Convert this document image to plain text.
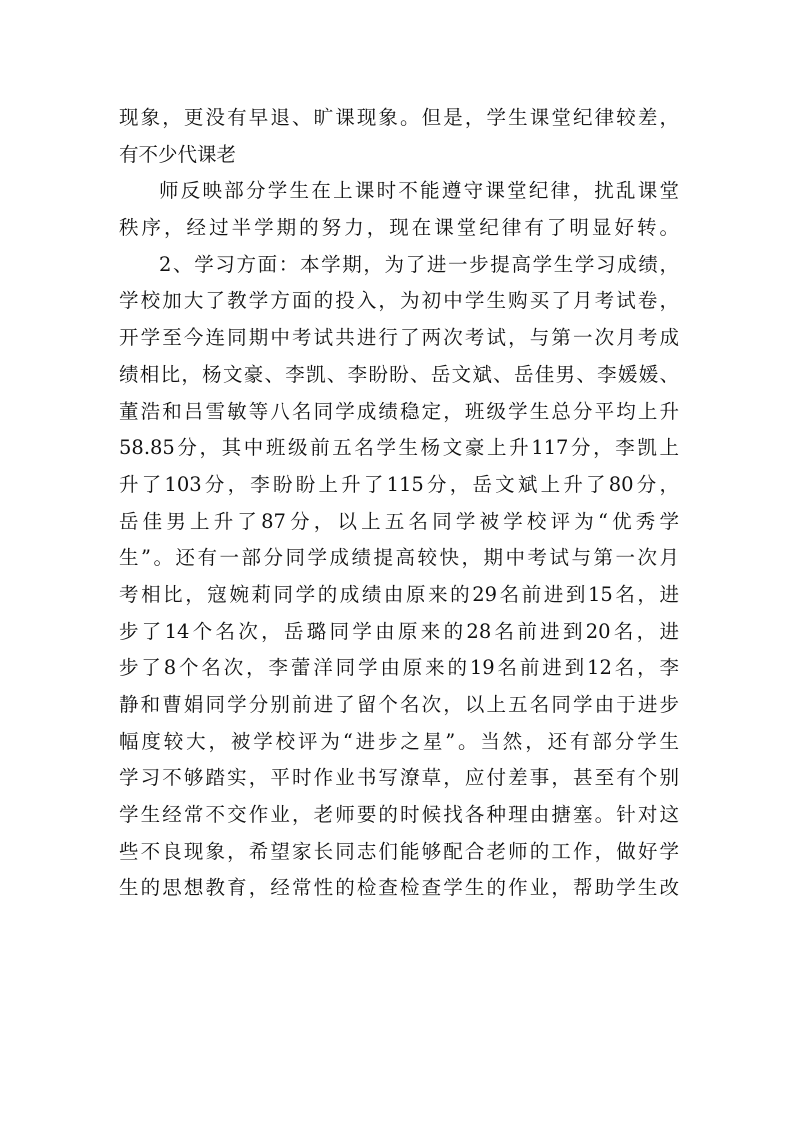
现象，更没有早退、旷课现象。但是，学生课堂纪律较差，
有不少代课老
师反映部分学生在上课时不能遵守课堂纪律，扰乱课堂
秩序，经过半学期的努力，现在课堂纪律有了明显好转。
2、学习方面：本学期，为了进一步提高学生学习成绩，
学校加大了教学方面的投入，为初中学生购买了月考试卷，
开学至今连同期中考试共进行了两次考试，与第一次月考成
绩相比，杨文豪、李凯、李盼盼、岳文斌、岳佳男、李媛媛、
董浩和吕雪敏等八名同学成绩稳定，班级学生总分平均上升
58.85分，其中班级前五名学生杨文豪上升117分，李凯上
升了103分，李盼盼上升了115分，岳文斌上升了80分，
岳佳男上升了87分，以上五名同学被学校评为“优秀学
生”。还有一部分同学成绩提高较快，期中考试与第一次月
考相比，寇婉莉同学的成绩由原来的29名前进到15名，进
步了14个名次，岳璐同学由原来的28名前进到20名，进
步了8个名次，李蕾洋同学由原来的19名前进到12名，李
静和曹娟同学分别前进了留个名次，以上五名同学由于进步
幅度较大，被学校评为“进步之星”。当然，还有部分学生
学习不够踏实，平时作业书写潦草，应付差事，甚至有个别
学生经常不交作业，老师要的时候找各种理由搪塞。针对这
些不良现象，希望家长同志们能够配合老师的工作，做好学
生的思想教育，经常性的检查检查学生的作业，帮助学生改
